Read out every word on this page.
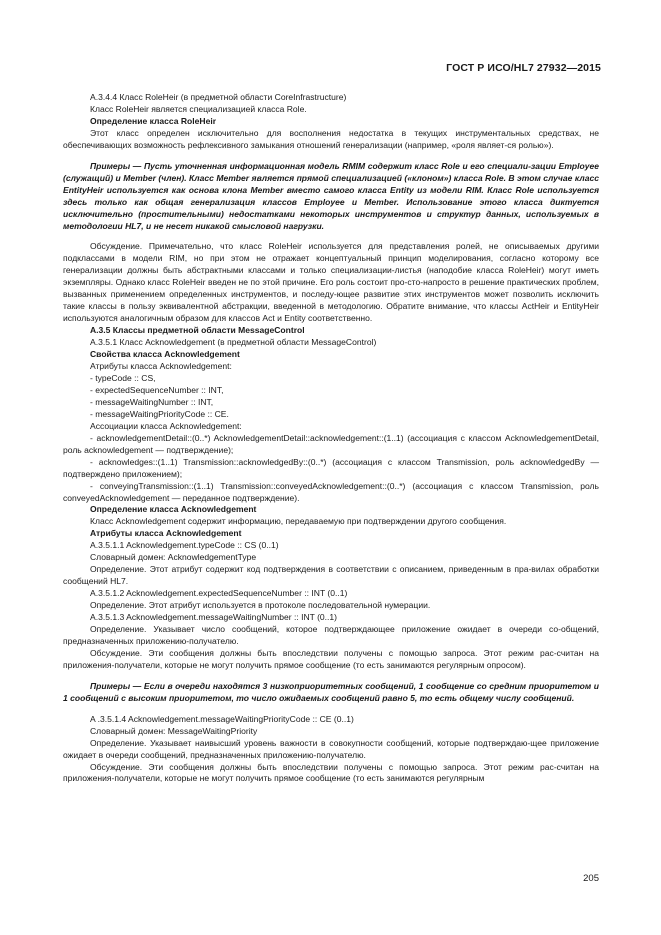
ГОСТ Р ИСО/HL7 27932—2015

A.3.4.4 Класс RoleHeir (в предметной области CoreInfrastructure)

Класс RoleHeir является специализацией класса Role.

Определение класса RoleHeir

Этот класс определен исключительно для восполнения недостатка в текущих инструментальных средствах, не обеспечивающих возможность рефлексивного замыкания отношений генерализации (например, «роля являет-ся ролью»).

Примеры — Пусть уточненная информационная модель RMIM содержит класс Role и его специали-зации Employee (служащий) и Member (член). Класс Member является прямой специализацией («клоном») класса Role. В этом случае класс EntityHeir используется как основа клона Member вместо самого класса Entity из модели RIM. Класс Role используется здесь только как общая генерализация классов Employee и Member. Использование этого класса диктуется исключительно (простительными) недостатками некоторых инструментов и структур данных, используемых в методологии HL7, и не несет никакой смысловой нагрузки.

Обсуждение. Примечательно, что класс RoleHeir используется для представления ролей, не описываемых другими подклассами в модели RIM, но при этом не отражает концептуальный принцип моделирования, согласно которому все генерализации должны быть абстрактными классами и только специализации-листья (наподобие класса RoleHeir) могут иметь экземпляры. Однако класс RoleHeir введен не по этой причине. Его роль состоит про-сто-напросто в решение практических проблем, вызванных применением определенных инструментов, и последу-ющее развитие этих инструментов может позволить исключить такие классы в пользу эквивалентной абстракции, введенной в методологию. Обратите внимание, что классы ActHeir и EntityHeir используются аналогичным образом для классов Act и Entity соответственно.

A.3.5 Классы предметной области MessageControl

A.3.5.1 Класс Acknowledgement (в предметной области MessageControl)

Свойства класса Acknowledgement

Атрибуты класса Acknowledgement:

- typeCode :: CS,

- expectedSequenceNumber :: INT,

- messageWaitingNumber :: INT,

- messageWaitingPriorityCode :: CE.

Ассоциации класса Acknowledgement:

- acknowledgementDetail::(0..*) AcknowledgementDetail::acknowledgement::(1..1) (ассоциация с классом AcknowledgementDetail, роль acknowledgement — подтверждение);

- acknowledges::(1..1) Transmission::acknowledgedBy::(0..*) (ассоциация с классом Transmission, роль acknowledgedBy — подтверждено приложением);

- conveyingTransmission::(1..1) Transmission::conveyedAcknowledgement::(0..*) (ассоциация с классом Transmission, роль conveyedAcknowledgement — переданное подтверждение).

Определение класса Acknowledgement

Класс Acknowledgement содержит информацию, передаваемую при подтверждении другого сообщения.

Атрибуты класса Acknowledgement

A.3.5.1.1 Acknowledgement.typeCode :: CS (0..1)

Словарный домен: AcknowledgementType

Определение. Этот атрибут содержит код подтверждения в соответствии с описанием, приведенным в пра-вилах обработки сообщений HL7.

A.3.5.1.2 Acknowledgement.expectedSequenceNumber :: INT (0..1)

Определение. Этот атрибут используется в протоколе последовательной нумерации.

A.3.5.1.3 Acknowledgement.messageWaitingNumber :: INT (0..1)

Определение. Указывает число сообщений, которое подтверждающее приложение ожидает в очереди со-общений, предназначенных приложению-получателю.

Обсуждение. Эти сообщения должны быть впоследствии получены с помощью запроса. Этот режим рас-считан на приложения-получатели, которые не могут получить прямое сообщение (то есть занимаются регулярным опросом).

Примеры — Если в очереди находятся 3 низкоприоритетных сообщений, 1 сообщение со средним приоритетом и 1 сообщений с высоким приоритетом, то число ожидаемых сообщений равно 5, то есть общему числу сообщений.

A .3.5.1.4 Acknowledgement.messageWaitingPriorityCode :: CE (0..1)

Словарный домен: MessageWaitingPriority

Определение. Указывает наивысший уровень важности в совокупности сообщений, которые подтверждаю-щее приложение ожидает в очереди сообщений, предназначенных приложению-получателю.

Обсуждение. Эти сообщения должны быть впоследствии получены с помощью запроса. Этот режим рас-считан на приложения-получатели, которые не могут получить прямое сообщение (то есть занимаются регулярным

205
